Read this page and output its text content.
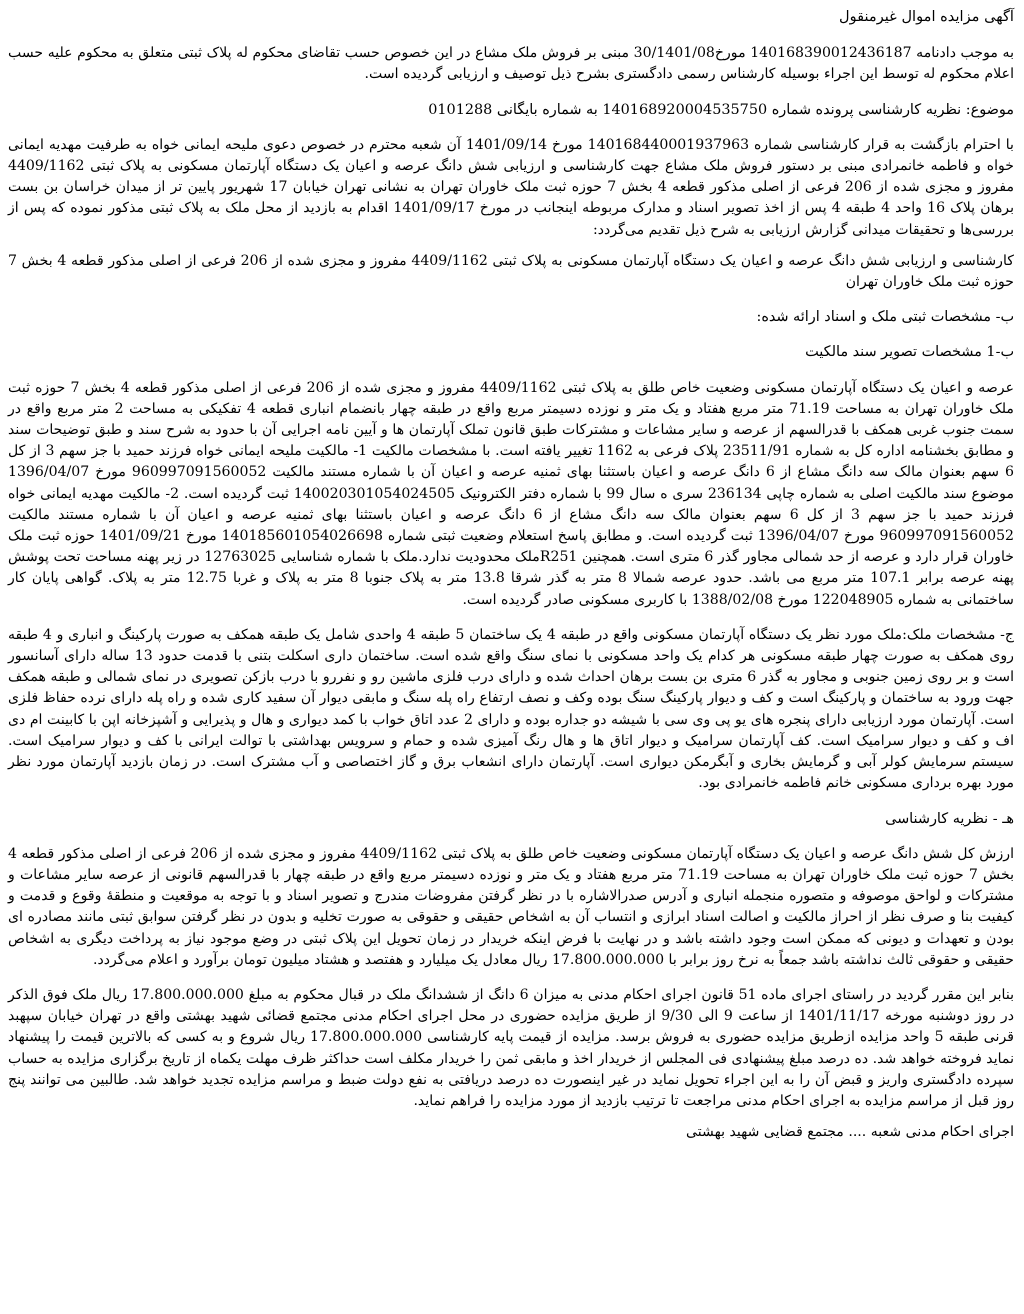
آگهی مزایده اموال غیرمنقول

به موجب دادنامه 140168390012436187 مورخ30/1401/08 مبنی بر فروش ملک مشاع در این خصوص حسب تقاضای محکوم له پلاک ثبتی متعلق به محکوم علیه حسب اعلام محکوم له توسط این اجراء بوسیله کارشناس رسمی دادگستری بشرح ذیل توصیف و ارزیابی گردیده است.

موضوع: نظریه کارشناسی پرونده شماره 140168920004535750 به شماره بایگانی 0101288

با احترام بازگشت به قرار کارشناسی شماره 140168440001937963 مورخ 1401/09/14 آن شعبه محترم در خصوص دعوی ملیحه ایمانی خواه به طرفیت مهدیه ایمانی خواه و فاطمه خانمرادی مبنی بر دستور فروش ملک مشاع جهت کارشناسی و ارزیابی شش دانگ عرصه و اعیان یک دستگاه آپارتمان مسکونی به پلاک ثبتی 4409/1162 مفروز و مجزی شده از 206 فرعی از اصلی مذکور قطعه 4 بخش 7 حوزه ثبت ملک خاوران تهران به نشانی تهران خیابان 17 شهریور پایین تر از میدان خراسان بن بست برهان پلاک 16 واحد 4 طبقه 4 پس از اخذ تصویر اسناد و مدارک مربوطه اینجانب در مورخ 1401/09/17 اقدام به بازدید از محل ملک به پلاک ثبتی مذکور نموده که پس از بررسی‌ها و تحقیقات میدانی گزارش ارزیابی به شرح ذیل تقدیم می‌گردد:

کارشناسی و ارزیابی شش دانگ عرصه و اعیان یک دستگاه آپارتمان مسکونی به پلاک ثبتی 4409/1162 مفروز و مجزی شده از 206 فرعی از اصلی مذکور قطعه 4 بخش 7 حوزه ثبت ملک خاوران تهران

ب- مشخصات ثبتی ملک و اسناد ارائه شده:

ب-1 مشخصات تصویر سند مالکیت

عرصه و اعیان یک دستگاه آپارتمان مسکونی وضعیت خاص طلق به پلاک ثبتی 4409/1162 مفروز و مجزی شده از 206 فرعی از اصلی مذکور قطعه 4 بخش 7 حوزه ثبت ملک خاوران تهران به مساحت 71.19 متر مربع هفتاد و یک متر و نوزده دسیمتر مربع واقع در طبقه چهار بانضمام انباری قطعه 4 تفکیکی به مساحت 2 متر مربع واقع در سمت جنوب غربی همکف با قدرالسهم از عرصه و سایر مشاعات و مشترکات طبق قانون تملک آپارتمان ها و آیین نامه اجرایی آن با حدود به شرح سند و طبق توضیحات سند و مطابق بخشنامه اداره کل به شماره 23511/91 پلاک فرعی به 1162 تغییر یافته است. با مشخصات مالکیت 1- مالکیت ملیحه ایمانی خواه فرزند حمید با جز سهم 3 از کل 6 سهم بعنوان مالک سه دانگ مشاع از 6 دانگ عرصه و اعیان باستثنا بهای ثمنیه عرصه و اعیان آن با شماره مستند مالکیت 960997091560052 مورخ 1396/04/07 موضوع سند مالکیت اصلی به شماره چاپی 236134 سری ه سال 99 با شماره دفتر الکترونیک 140020301054024505 ثبت گردیده است. 2- مالکیت مهدیه ایمانی خواه فرزند حمید با جز سهم 3 از کل 6 سهم بعنوان مالک سه دانگ مشاع از 6 دانگ عرصه و اعیان باستثنا بهای ثمنیه عرصه و اعیان آن با شماره مستند مالکیت 960997091560052 مورخ 1396/04/07 ثبت گردیده است. و مطابق پاسخ استعلام وضعیت ثبتی شماره 140185601054026698 مورخ 1401/09/21 حوزه ثبت ملک خاوران قرار دارد و عرصه از حد شمالی مجاور گذر 6 متری است. همچنین R251ملک محدودیت ندارد.ملک با شماره شناسایی 12763025 در زیر پهنه مساحت تحت پوشش پهنه عرصه برابر 107.1 متر مربع می باشد. حدود عرصه شمالا 8 متر به گذر شرقا 13.8 متر به پلاک جنوبا 8 متر به پلاک و غربا 12.75 متر به پلاک. گواهی پایان کار ساختمانی به شماره 122048905 مورخ 1388/02/08 با کاربری مسکونی صادر گردیده است.

ج- مشخصات ملک:ملک مورد نظر یک دستگاه آپارتمان مسکونی واقع در طبقه 4 یک ساختمان 5 طبقه 4 واحدی شامل یک طبقه همکف به صورت پارکینگ و انباری و 4 طبقه روی همکف به صورت چهار طبقه مسکونی هر کدام یک واحد مسکونی با نمای سنگ واقع شده است. ساختمان داری اسکلت بتنی با قدمت حدود 13 ساله دارای آسانسور است و بر روی زمین جنوبی و مجاور به گذر 6 متری بن بست برهان احداث شده و دارای درب فلزی ماشین رو و نفررو با درب بازکن تصویری در نمای شمالی و طبقه همکف جهت ورود به ساختمان و پارکینگ است و کف و دیوار پارکینگ سنگ بوده وکف و نصف ارتفاع راه پله سنگ و مابقی دیوار آن سفید کاری شده و راه پله دارای نرده حفاظ فلزی است. آپارتمان مورد ارزیابی دارای پنجره های یو پی وی سی با شیشه دو جداره بوده و دارای 2 عدد اتاق خواب با کمد دیواری و هال و پذیرایی و آشپزخانه اپن با کابینت ام دی اف و کف و دیوار سرامیک است. کف آپارتمان سرامیک و دیوار اتاق ها و هال رنگ آمیزی شده و حمام و سرویس بهداشتی با توالت ایرانی با کف و دیوار سرامیک است. سیستم سرمایش کولر آبی و گرمایش بخاری و آبگرمکن دیواری است. آپارتمان دارای انشعاب برق و گاز اختصاصی و آب مشترک است. در زمان بازدید آپارتمان مورد نظر مورد بهره برداری مسکونی خانم فاطمه خانمرادی بود.

هـ - نظریه کارشناسی

ارزش کل شش دانگ عرصه و اعیان یک دستگاه آپارتمان مسکونی وضعیت خاص طلق به پلاک ثبتی 4409/1162 مفروز و مجزی شده از 206 فرعی از اصلی مذکور قطعه 4 بخش 7 حوزه ثبت ملک خاوران تهران به مساحت 71.19 متر مربع هفتاد و یک متر و نوزده دسیمتر مربع واقع در طبقه چهار با قدرالسهم قانونی از عرصه سایر مشاعات و مشترکات و لواحق موصوفه و متصوره منجمله انباری و آدرس صدرالاشاره با در نظر گرفتن مفروضات مندرج و تصویر اسناد و با توجه به موقعیت و منطقهٔ وقوع و قدمت و کیفیت بنا و صرف نظر از احراز مالکیت و اصالت اسناد ابرازی و انتساب آن به اشخاص حقیقی و حقوقی به صورت تخلیه و بدون در نظر گرفتن سوابق ثبتی مانند مصادره ای بودن و تعهدات و دیونی که ممکن است وجود داشته باشد و در نهایت با فرض اینکه خریدار در زمان تحویل این پلاک ثبتی در وضع موجود نیاز به پرداخت دیگری به اشخاص حقیقی و حقوقی ثالث نداشته باشد جمعاً به نرخ روز برابر با 17.800.000.000 ریال معادل یک میلیارد و هفتصد و هشتاد میلیون تومان برآورد و اعلام می‌گردد.

بنابر این مقرر گردید در راستای اجرای ماده 51 قانون اجرای احکام مدنی به میزان 6 دانگ از ششدانگ ملک در قبال محکوم به مبلغ 17.800.000.000 ریال ملک فوق الذکر در روز دوشنبه مورخه 1401/11/17 از ساعت 9 الی 9/30 از طریق مزایده حضوری در محل اجرای احکام مدنی مجتمع قضائی شهید بهشتی واقع در تهران خیابان سپهبد قرنی طبقه 5 واحد مزایده ازطریق مزایده حضوری به فروش برسد. مزایده از قیمت پایه کارشناسی 17.800.000.000 ریال شروع و به کسی که بالاترین قیمت را پیشنهاد نماید فروخته خواهد شد. ده درصد مبلغ پیشنهادی فی المجلس از خریدار اخذ و مابقی ثمن را خریدار مکلف است حداکثر ظرف مهلت یکماه از تاریخ برگزاری مزایده به حساب سپرده دادگستری واریز و قبض آن را به این اجراء تحویل نماید در غیر اینصورت ده درصد دریافتی به نفع دولت ضبط و مراسم مزایده تجدید خواهد شد. طالبین می توانند پنج روز قبل از مراسم مزایده به اجرای احکام مدنی مراجعت تا ترتیب بازدید از مورد مزایده را فراهم نماید.

اجرای احکام مدنی شعبه .... مجتمع قضایی شهید بهشتی
